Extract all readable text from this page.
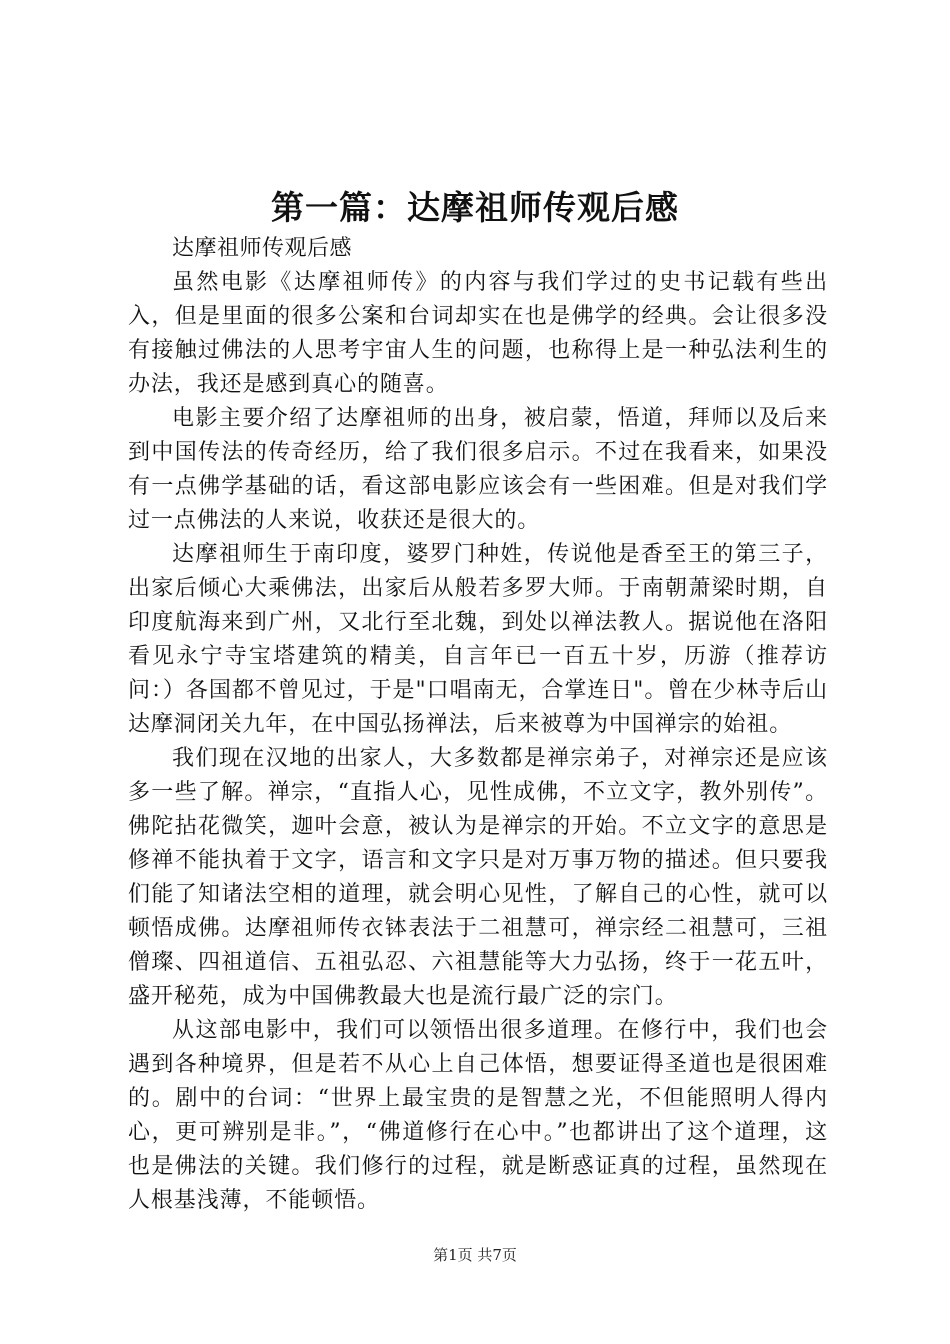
第一篇：达摩祖师传观后感

达摩祖师传观后感

虽然电影《达摩祖师传》的内容与我们学过的史书记载有些出入，但是里面的很多公案和台词却实在也是佛学的经典。会让很多没有接触过佛法的人思考宇宙人生的问题，也称得上是一种弘法利生的办法，我还是感到真心的随喜。

电影主要介绍了达摩祖师的出身，被启蒙，悟道，拜师以及后来到中国传法的传奇经历，给了我们很多启示。不过在我看来，如果没有一点佛学基础的话，看这部电影应该会有一些困难。但是对我们学过一点佛法的人来说，收获还是很大的。

达摩祖师生于南印度，婆罗门种姓，传说他是香至王的第三子，出家后倾心大乘佛法，出家后从般若多罗大师。于南朝萧梁时期，自印度航海来到广州，又北行至北魏，到处以禅法教人。据说他在洛阳看见永宁寺宝塔建筑的精美，自言年已一百五十岁，历游（推荐访问：）各国都不曾见过，于是"口唱南无，合掌连日"。曾在少林寺后山达摩洞闭关九年，在中国弘扬禅法，后来被尊为中国禅宗的始祖。

我们现在汉地的出家人，大多数都是禅宗弟子，对禅宗还是应该多一些了解。禅宗，“直指人心，见性成佛，不立文字，教外别传”。佛陀拈花微笑，迦叶会意，被认为是禅宗的开始。不立文字的意思是修禅不能执着于文字，语言和文字只是对万事万物的描述。但只要我们能了知诸法空相的道理，就会明心见性，了解自己的心性，就可以顿悟成佛。达摩祖师传衣钵表法于二祖慧可，禅宗经二祖慧可，三祖僧璨、四祖道信、五祖弘忍、六祖慧能等大力弘扬，终于一花五叶，盛开秘苑，成为中国佛教最大也是流行最广泛的宗门。

从这部电影中，我们可以领悟出很多道理。在修行中，我们也会遇到各种境界，但是若不从心上自己体悟，想要证得圣道也是很困难的。剧中的台词：“世界上最宝贵的是智慧之光，不但能照明人得内心，更可辨别是非。”，“佛道修行在心中。”也都讲出了这个道理，这也是佛法的关键。我们修行的过程，就是断惑证真的过程，虽然现在人根基浅薄，不能顿悟。

第1页 共7页
